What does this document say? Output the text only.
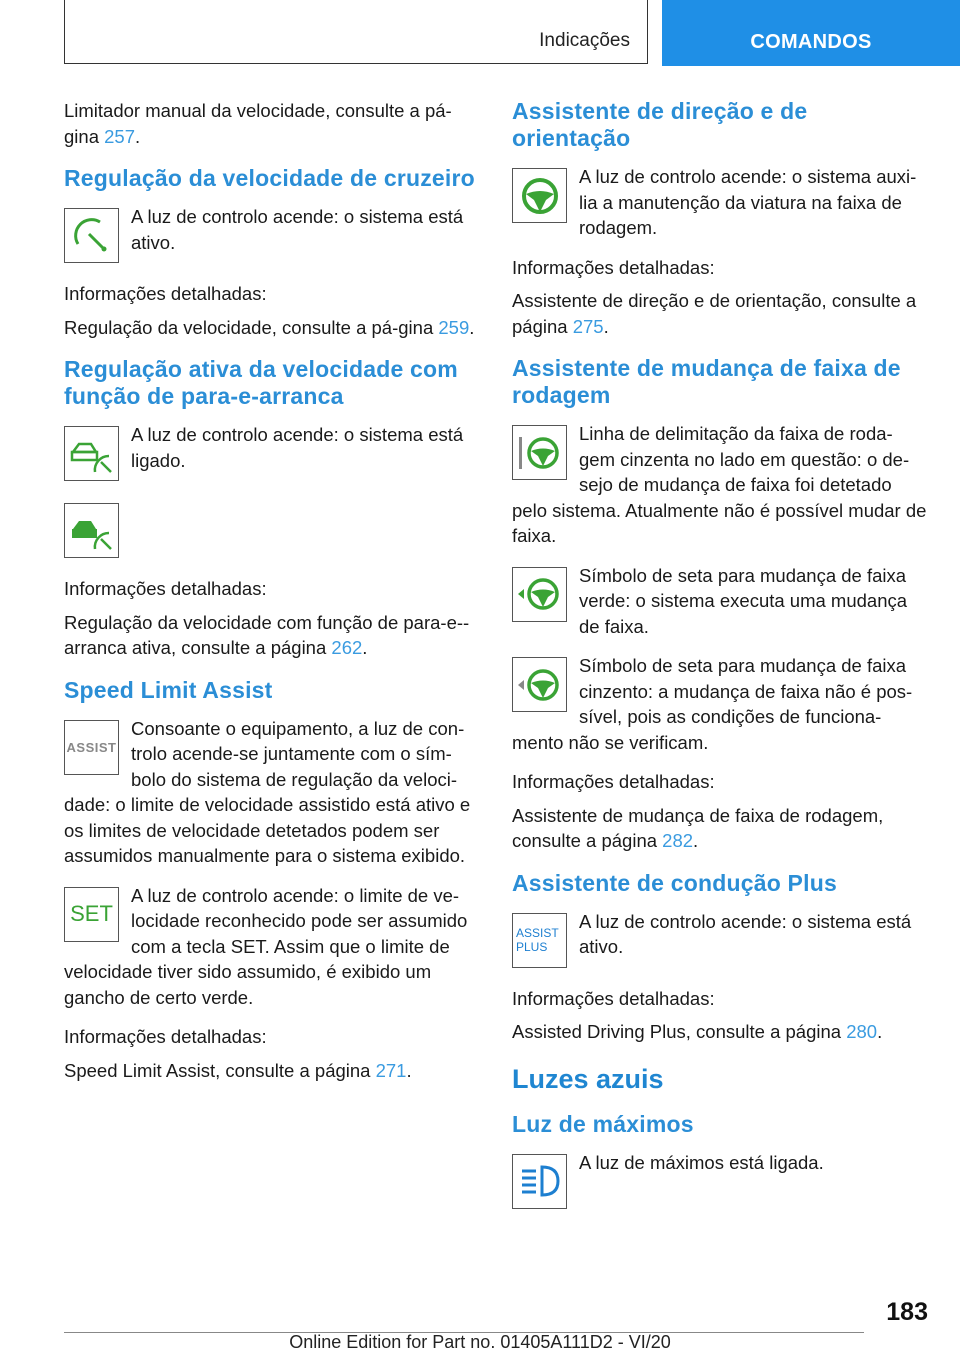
Indicações	COMANDOS

Limitador manual da velocidade, consulte a pá-gina 257.

Regulação da velocidade de cruzeiro

A luz de controlo acende: o sistema está ativo.

Informações detalhadas:

Regulação da velocidade, consulte a pá-gina 259.

Regulação ativa da velocidade com função de para-e-arranca

A luz de controlo acende: o sistema está ligado.

Informações detalhadas:

Regulação da velocidade com função de para-e--arranca ativa, consulte a página 262.

Speed Limit Assist
ASSIST

Consoante o equipamento, a luz de con-trolo acende-se juntamente com o sím-bolo do sistema de regulação da veloci-dade: o limite de velocidade assistido está ativo e os limites de velocidade detetados podem ser assumidos manualmente para o sistema exibido.

SET

A luz de controlo acende: o limite de ve-locidade reconhecido pode ser assumido com a tecla SET. Assim que o limite de velocidade tiver sido assumido, é exibido um gancho de certo verde.

Informações detalhadas:

Speed Limit Assist, consulte a página 271.

Assistente de direção e de orientação

A luz de controlo acende: o sistema auxi-lia a manutenção da viatura na faixa de rodagem.

Informações detalhadas:

Assistente de direção e de orientação, consulte a página 275.

Assistente de mudança de faixa de rodagem

Linha de delimitação da faixa de roda-gem cinzenta no lado em questão: o de-sejo de mudança de faixa foi detetado pelo sistema. Atualmente não é possível mudar de faixa.

Símbolo de seta para mudança de faixa verde: o sistema executa uma mudança de faixa.

Símbolo de seta para mudança de faixa cinzento: a mudança de faixa não é pos-sível, pois as condições de funciona-mento não se verificam.

Informações detalhadas:

Assistente de mudança de faixa de rodagem, consulte a página 282.

Assistente de condução Plus
ASSIST
PLUS

A luz de controlo acende: o sistema está ativo.

Informações detalhadas:

Assisted Driving Plus, consulte a página 280.

Luzes azuis
Luz de máximos

A luz de máximos está ligada.

183
Online Edition for Part no. 01405A111D2 - VI/20
